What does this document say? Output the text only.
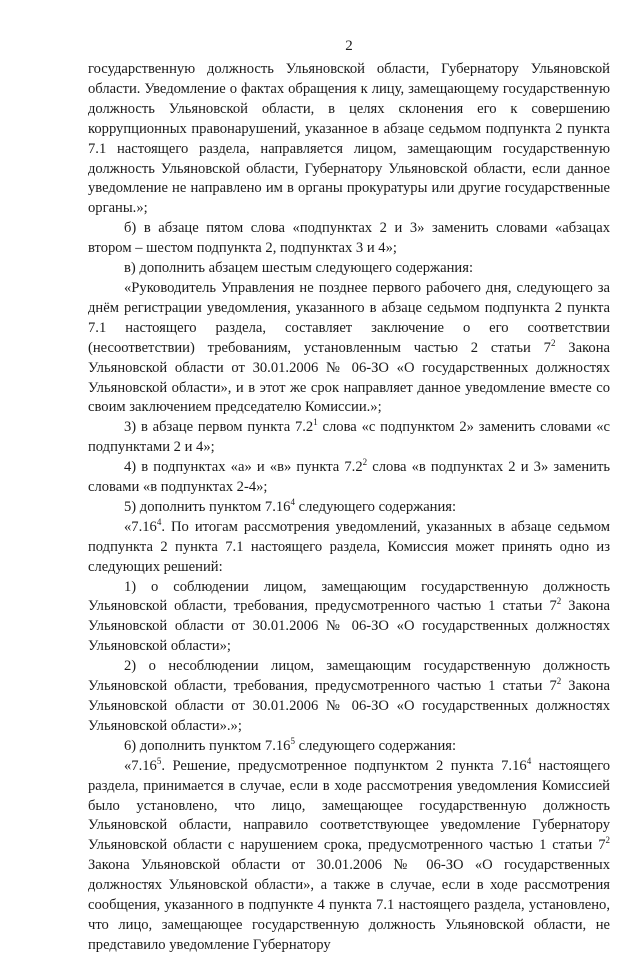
2

государственную должность Ульяновской области, Губернатору Ульяновской области. Уведомление о фактах обращения к лицу, замещающему государственную должность Ульяновской области, в целях склонения его к совершению коррупционных правонарушений, указанное в абзаце седьмом подпункта 2 пункта 7.1 настоящего раздела, направляется лицом, замещающим государственную должность Ульяновской области, Губернатору Ульяновской области, если данное уведомление не направлено им в органы прокуратуры или другие государственные органы.»;

б) в абзаце пятом слова «подпунктах 2 и 3» заменить словами «абзацах втором – шестом подпункта 2, подпунктах 3 и 4»;

в) дополнить абзацем шестым следующего содержания:

«Руководитель Управления не позднее первого рабочего дня, следующего за днём регистрации уведомления, указанного в абзаце седьмом подпункта 2 пункта 7.1 настоящего раздела, составляет заключение о его соответствии (несоответствии) требованиям, установленным частью 2 статьи $7^2$ Закона Ульяновской области от 30.01.2006 № 06-ЗО «О государственных должностях Ульяновской области», и в этот же срок направляет данное уведомление вместе со своим заключением председателю Комиссии.»;

3) в абзаце первом пункта $7.2^1$ слова «с подпунктом 2» заменить словами «с подпунктами 2 и 4»;

4) в подпунктах «а» и «в» пункта $7.2^2$ слова «в подпунктах 2 и 3» заменить словами «в подпунктах 2-4»;

5) дополнить пунктом 7.16$^4$ следующего содержания:

«7.16$^4$. По итогам рассмотрения уведомлений, указанных в абзаце седьмом подпункта 2 пункта 7.1 настоящего раздела, Комиссия может принять одно из следующих решений:

1) о соблюдении лицом, замещающим государственную должность Ульяновской области, требования, предусмотренного частью 1 статьи $7^2$ Закона Ульяновской области от 30.01.2006 № 06-ЗО «О государственных должностях Ульяновской области»;

2) о несоблюдении лицом, замещающим государственную должность Ульяновской области, требования, предусмотренного частью 1 статьи $7^2$ Закона Ульяновской области от 30.01.2006 № 06-ЗО «О государственных должностях Ульяновской области».»;

6) дополнить пунктом 7.16$^5$ следующего содержания:

«7.16$^5$. Решение, предусмотренное подпунктом 2 пункта 7.16$^4$ настоящего раздела, принимается в случае, если в ходе рассмотрения уведомления Комиссией было установлено, что лицо, замещающее государственную должность Ульяновской области, направило соответствующее уведомление Губернатору Ульяновской области с нарушением срока, предусмотренного частью 1 статьи $7^2$ Закона Ульяновской области от 30.01.2006 № 06-ЗО «О государственных должностях Ульяновской области», а также в случае, если в ходе рассмотрения сообщения, указанного в подпункте 4 пункта 7.1 настоящего раздела, установлено, что лицо, замещающее государственную должность Ульяновской области, не представило уведомление Губернатору
